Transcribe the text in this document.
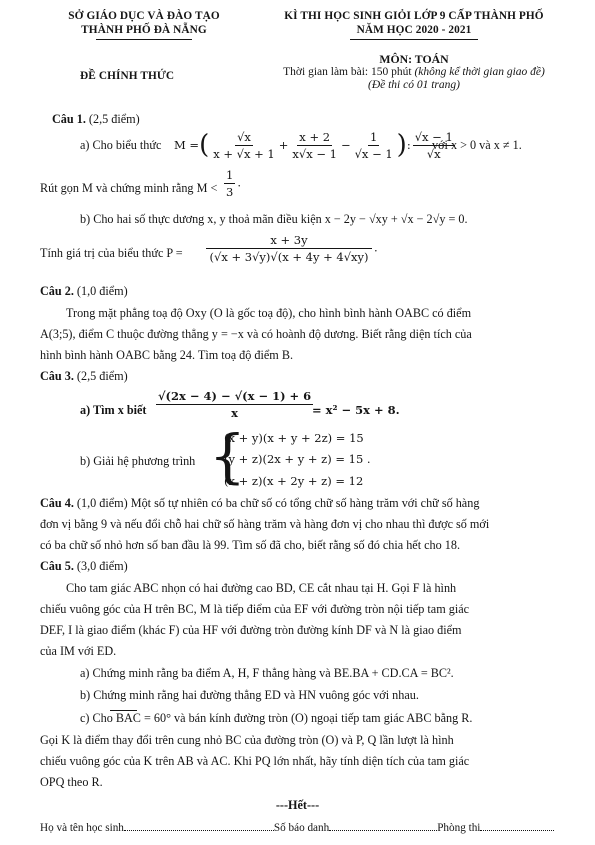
SỞ GIÁO DỤC VÀ ĐÀO TẠO
THÀNH PHỐ ĐÀ NẴNG
KÌ THI HỌC SINH GIỎI LỚP 9 CẤP THÀNH PHỐ
NĂM HỌC 2020 - 2021
ĐỀ CHÍNH THỨC
MÔN: TOÁN
Thời gian làm bài: 150 phút (không kể thời gian giao đề)
(Đề thi có 01 trang)
Câu 1. (2,5 điểm)
a) Cho biểu thức M = ( $\frac{√x}{x + √x + 1} + \frac{x + 2}{x√x - 1} - \frac{1}{√x - 1}$ ) : $\frac{√x - 1}{√x}$
với x > 0 và x ≠ 1.
Rút gọn M và chứng minh rằng $M < \frac{1}{3}$ .
b) Cho hai số thực dương x, y thoả mãn điều kiện x − 2y − √xy + √x − 2√y = 0.
Tính giá trị của biểu thức $P = \frac{x + 3y}{(√x + 3√y)√(x + 4y + 4√xy)}$ .
Câu 2. (1,0 điểm)
Trong mặt phẳng toạ độ Oxy (O là gốc toạ độ), cho hình bình hành OABC có điểm
A(3;5), điểm C thuộc đường thẳng y = −x và có hoành độ dương. Biết rằng diện tích của
hình bình hành OABC bằng 24. Tìm toạ độ điểm B.
Câu 3. (2,5 điểm)
a) Tìm x biết $\frac{√(2x - 4) - √(x - 1) + 6}{x}$
= x² − 5x + 8.
b) Giải hệ phương trình {
(x + y)(x + y + 2z) = 15
(y + z)(2x + y + z) = 15 .
(x + z)(x + 2y + z) = 12
Câu 4. (1,0 điểm) Một số tự nhiên có ba chữ số có tổng chữ số hàng trăm với chữ số hàng
đơn vị bằng 9 và nếu đổi chỗ hai chữ số hàng trăm và hàng đơn vị cho nhau thì được số mới
có ba chữ số nhỏ hơn số ban đầu là 99. Tìm số đã cho, biết rằng số đó chia hết cho 18.
Câu 5. (3,0 điểm)
Cho tam giác ABC nhọn có hai đường cao BD, CE cắt nhau tại H. Gọi F là hình
chiếu vuông góc của H trên BC, M là tiếp điểm của EF với đường tròn nội tiếp tam giác
DEF, I là giao điểm (khác F) của HF với đường tròn đường kính DF và N là giao điểm
của IM với ED.
a) Chứng minh rằng ba điểm A, H, F thẳng hàng và BE.BA + CD.CA = BC².
b) Chứng minh rằng hai đường thẳng ED và HN vuông góc với nhau.
c) Cho BAC = 60° và bán kính đường tròn (O) ngoại tiếp tam giác ABC bằng R.
Gọi K là điểm thay đổi trên cung nhỏ BC của đường tròn (O) và P, Q lần lượt là hình
chiếu vuông góc của K trên AB và AC. Khi PQ lớn nhất, hãy tính diện tích của tam giác
OPQ theo R.
---Hết---
Họ và tên học sinh	Số báo danh	Phòng thi
